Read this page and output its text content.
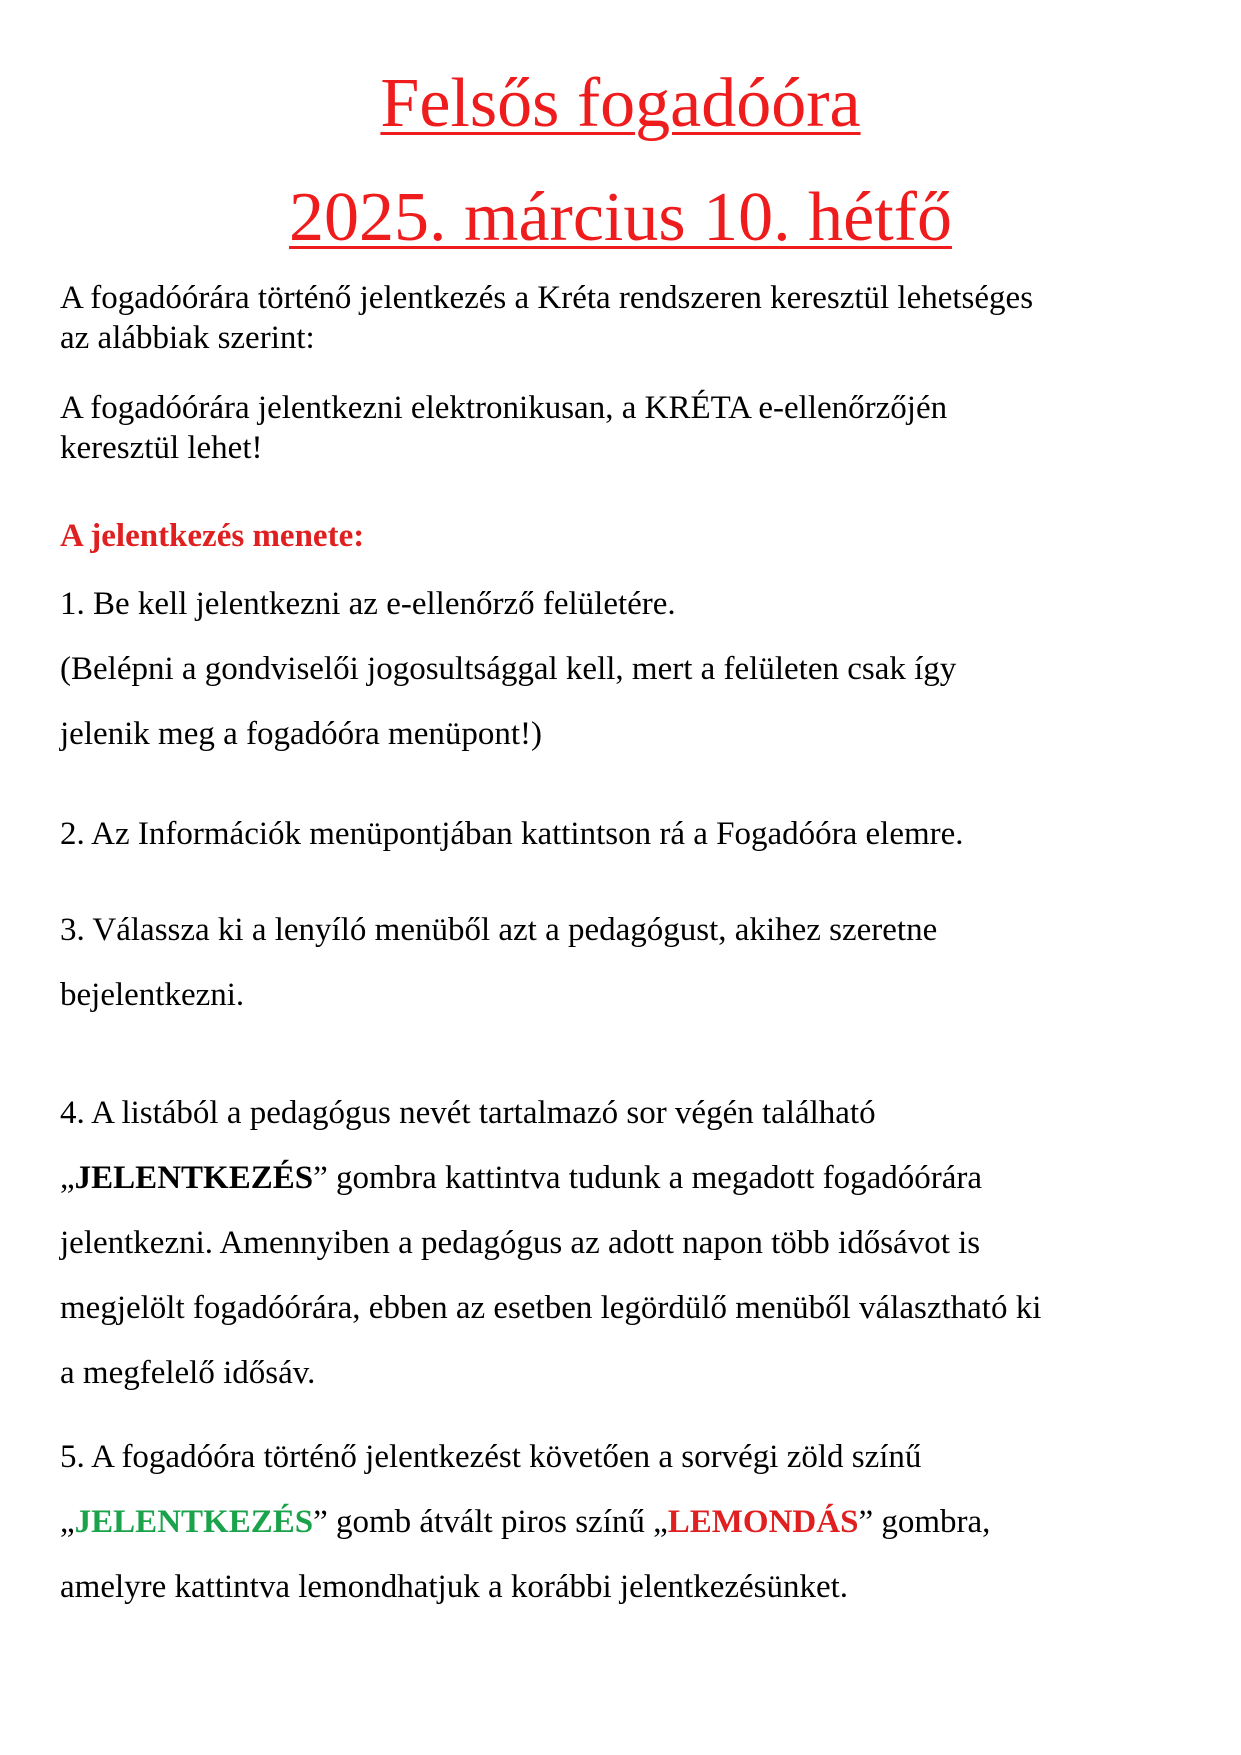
Felsős fogadóóra
2025. március 10. hétfő
A fogadóórára történő jelentkezés a Kréta rendszeren keresztül lehetséges
az alábbiak szerint:
A fogadóórára jelentkezni elektronikusan, a KRÉTA e-ellenőrzőjén
keresztül lehet!
A jelentkezés menete:
1. Be kell jelentkezni az e-ellenőrző felületére.
(Belépni a gondviselői jogosultsággal kell, mert a felületen csak így
jelenik meg a fogadóóra menüpont!)
2. Az Információk menüpontjában kattintson rá a Fogadóóra elemre.
3. Válassza ki a lenyíló menüből azt a pedagógust, akihez szeretne
bejelentkezni.
4. A listából a pedagógus nevét tartalmazó sor végén található
„JELENTKEZÉS” gombra kattintva tudunk a megadott fogadóórára
jelentkezni. Amennyiben a pedagógus az adott napon több idősávot is
megjelölt fogadóórára, ebben az esetben legördülő menüből választható ki
a megfelelő idősáv.
5. A fogadóóra történő jelentkezést követően a sorvégi zöld színű
„JELENTKEZÉS” gomb átvált piros színű „LEMONDÁS” gombra,
amelyre kattintva lemondhatjuk a korábbi jelentkezésünket.
